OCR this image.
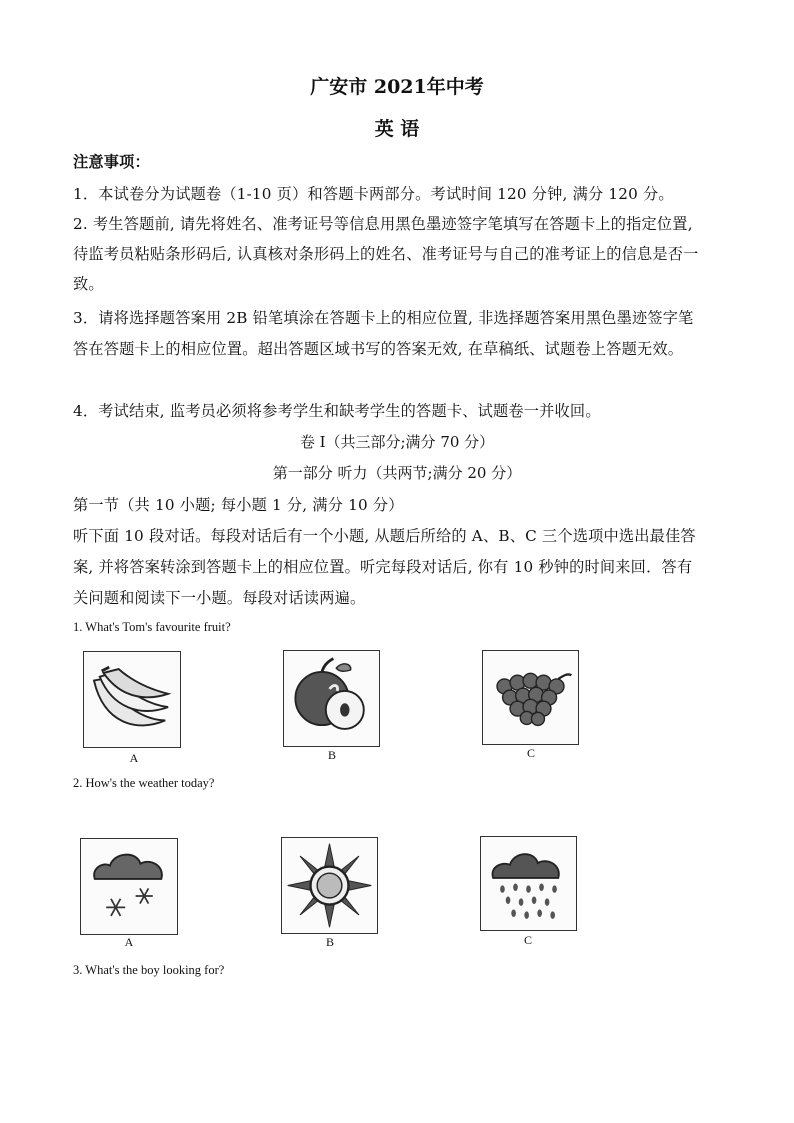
广安市 2021年中考
英 语
注意事项：
1．本试卷分为试题卷（1-10 页）和答题卡两部分。考试时间 120 分钟, 满分 120 分。
2. 考生答题前, 请先将姓名、准考证号等信息用黑色墨迹签字笔填写在答题卡上的指定位置,
待监考员粘贴条形码后, 认真核对条形码上的姓名、准考证号与自己的准考证上的信息是否一
致。
3．请将选择题答案用 2B 铅笔填涂在答题卡上的相应位置, 非选择题答案用黑色墨迹签字笔
答在答题卡上的相应位置。超出答题区域书写的答案无效, 在草稿纸、试题卷上答题无效。
4．考试结束, 监考员必须将参考学生和缺考学生的答题卡、试题卷一并收回。
卷 I（共三部分;满分 70 分）
第一部分 听力（共两节;满分 20 分）
第一节（共 10 小题; 每小题 1 分, 满分 10 分）
听下面 10 段对话。每段对话后有一个小题, 从题后所给的 A、B、C 三个选项中选出最佳答
案, 并将答案转涂到答题卡上的相应位置。听完每段对话后, 你有 10 秒钟的时间来回．答有
关问题和阅读下一小题。每段对话读两遍。
1. What's Tom's favourite fruit?
A	B	C
2. How's the weather today?
A	B	C
3. What's the boy looking for?
